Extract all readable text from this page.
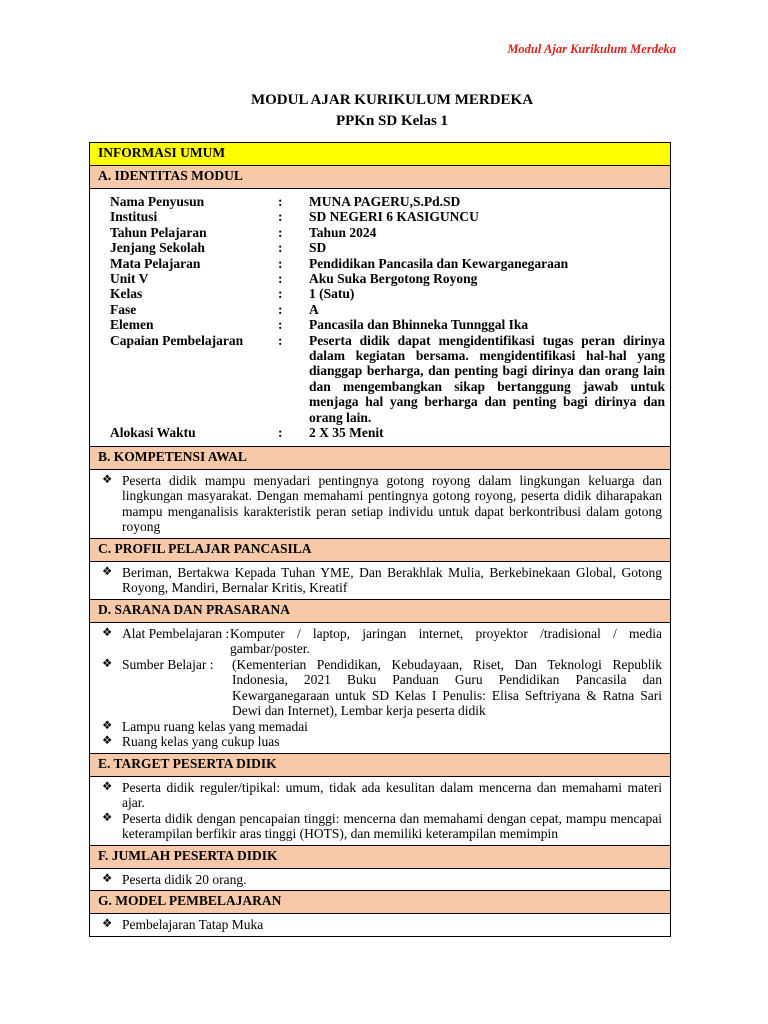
Modul Ajar Kurikulum Merdeka
MODUL AJAR KURIKULUM MERDEKA
PPKn SD Kelas 1
INFORMASI UMUM

A. IDENTITAS MODUL

Nama Penyusun	:	MUNA PAGERU,S.Pd.SD
Institusi	:	SD NEGERI 6 KASIGUNCU
Tahun Pelajaran	:	Tahun 2024
Jenjang Sekolah	:	SD
Mata Pelajaran	:	Pendidikan Pancasila dan Kewarganegaraan
Unit V	:	Aku Suka Bergotong Royong
Kelas	:	1 (Satu)
Fase	:	A
Elemen	:	Pancasila dan Bhinneka Tunnggal Ika
Capaian Pembelajaran	:	Peserta didik dapat mengidentifikasi tugas peran dirinya dalam kegiatan bersama. mengidentifikasi hal-hal yang dianggap berharga, dan penting bagi dirinya dan orang lain dan mengembangkan sikap bertanggung jawab untuk menjaga hal yang berharga dan penting bagi dirinya dan orang lain.
Alokasi Waktu	:	2 X 35 Menit

B. KOMPETENSI AWAL

❖ Peserta didik mampu menyadari pentingnya gotong royong dalam lingkungan keluarga dan lingkungan masyarakat. Dengan memahami pentingnya gotong royong, peserta didik diharapakan mampu menganalisis karakteristik peran setiap individu untuk dapat berkontribusi dalam gotong royong

C. PROFIL PELAJAR PANCASILA

❖ Beriman, Bertakwa Kepada Tuhan YME, Dan Berakhlak Mulia, Berkebinekaan Global, Gotong Royong, Mandiri, Bernalar Kritis, Kreatif

D. SARANA DAN PRASARANA

❖ Alat Pembelajaran : Komputer / laptop, jaringan internet, proyektor /tradisional / media gambar/poster.
❖ Sumber Belajar :	(Kementerian Pendidikan, Kebudayaan, Riset, Dan Teknologi Republik Indonesia, 2021 Buku Panduan Guru Pendidikan Pancasila dan Kewarganegaraan untuk SD Kelas I Penulis: Elisa Seftriyana & Ratna Sari Dewi dan Internet), Lembar kerja peserta didik
❖ Lampu ruang kelas yang memadai
❖ Ruang kelas yang cukup luas

E. TARGET PESERTA DIDIK

❖ Peserta didik reguler/tipikal: umum, tidak ada kesulitan dalam mencerna dan memahami materi ajar.
❖ Peserta didik dengan pencapaian tinggi: mencerna dan memahami dengan cepat, mampu mencapai keterampilan berfikir aras tinggi (HOTS), dan memiliki keterampilan memimpin

F. JUMLAH PESERTA DIDIK

❖ Peserta didik 20 orang.

G. MODEL PEMBELAJARAN

❖ Pembelajaran Tatap Muka
